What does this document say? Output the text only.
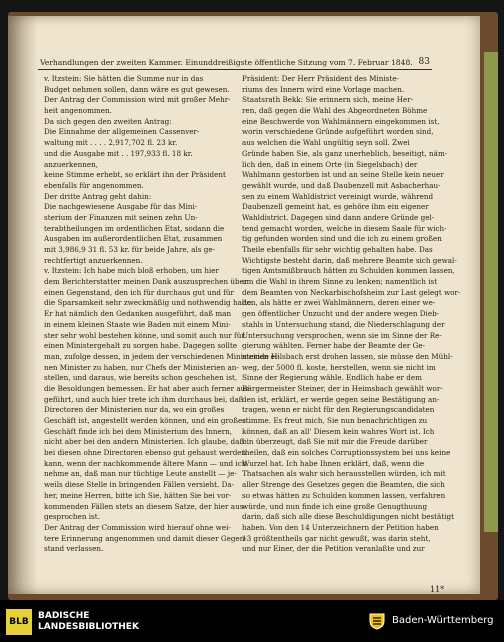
Verhandlungen der zweiten Kammer. Einunddreißigste öffentliche Sitzung vom 7. Februar 1848. 83
v. Itzstein: Sie hätten die Summe nur in das
Budget nehmen sollen, dann wäre es gut gewesen.
Der Antrag der Commission wird mit großer Mehr-
heit angenommen.
Da sich gegen den zweiten Antrag:
Die Einnahme der allgemeinen Cassenver-
waltung mit . . . . 2,917,702 fl. 23 kr.
und die Ausgabe mit . . 197,933 fl. 18 kr.
anzuerkennen,
keine Stimme erhebt, so erklärt ihn der Präsident
ebenfalls für angenommen.
Der dritte Antrag geht dahin:
Die nachgewiesene Ausgabe für das Mini-
sterium der Finanzen mit seinen zehn Un-
terabtheilungen im ordentlichen Etat, sodann die
Ausgaben im außerordentlichen Etat, zusammen
mit 3,986,9 31 fl. 53 kr. für beide Jahre, als ge-
rechtfertigt anzuerkennen.
v. Itzstein: Ich habe mich bloß erhoben, um hier
dem Berichterstatter meinen Dank auszusprechen über
einen Gegenstand, den ich für durchaus gut und für
die Sparsamkeit sehr zweckmäßig und nothwendig halte.
Er hat nämlich den Gedanken ausgeführt, daß man
in einem kleinen Staate wie Baden mit einem Mini-
ster sehr wohl bestehen könne, und somit auch nur für
einen Ministergehalt zu sorgen habe. Dagegen sollte
man, zufolge dessen, in jedem der verschiedenen Ministerien ei-
nen Minister zu haben, nur Chefs der Ministerien an-
stellen, und daraus, wie bereits schon geschehen ist,
die Besoldungen bemessen. Er hat aber auch ferner aus-
geführt, und auch hier trete ich ihm durchaus bei, daß
Directoren der Ministerien nur da, wo ein großes
Geschäft ist, angestellt werden können, und ein großes
Geschäft finde ich bei dem Ministerium des Innern,
nicht aber bei den andern Ministerien. Ich glaube, daß
bei diesen ohne Directoren ebenso gut gehaust werden
kann, wenn der nachkommende ältere Mann — und ich
nehme an, daß man nur tüchtige Leute anstellt — je-
weils diese Stelle in bringenden Fällen versieht. Da-
her, meine Herren, bitte ich Sie, hätten Sie bei vor-
kommenden Fällen stets an diesem Satze, der hier aus-
gesprochen ist.
Der Antrag der Commission wird hierauf ohne wei-
tere Erinnerung angenommen und damit dieser Gegen-
stand verlassen.
Präsident: Der Herr Präsident des Ministe-
riums des Innern wird eine Vorlage machen.
Staatsrath Bekk: Sie erinnern sich, meine Her-
ren, daß gegen die Wahl des Abgeordneten Böhme
eine Beschwerde von Wahlmännern eingekommen ist,
worin verschiedene Gründe aufgeführt worden sind,
aus welchen die Wahl ungültig seyn soll. Zwei
Gründe haben Sie, als ganz unerheblich, beseitigt, näm-
lich den, daß in einem Orte (in Siegelsbach) der
Wahlmann gestorben ist und an seine Stelle kein neuer
gewählt wurde, und daß Daubenzell mit Asbacherhau-
sen zu einem Wahldistrict vereinigt wurde, während
Daubenzell gemeint hat, es gehöre ihm ein eigener
Wahldistrict. Dagegen sind dann andere Gründe gel-
tend gemacht worden, welche in diesem Saale für wich-
tig gefunden worden sind und die ich zu einem großen
Theile ebenfalls für sehr wichtig gehalten habe. Das
Wichtigste besteht darin, daß mehrere Beamte sich gewal-
tigen Amtsmißbrauch hätten zu Schulden kommen lassen,
um die Wahl in ihrem Sinne zu lenken; namentlich ist
dem Beamten von Neckarbischofsheim zur Last gelegt wor-
den, als hätte er zwei Wahlmännern, deren einer we-
gen öffentlicher Unzucht und der andere wegen Dieb-
stahls in Untersuchung stand, die Niederschlagung der
Untersuchung versprochen, wenn sie im Sinne der Re-
gierung wählten. Ferner habe der Beamte der Ge-
meinde Hilsbach erst drohen lassen, sie müsse den Mühl-
weg, der 5000 fl. koste, herstellen, wenn sie nicht im
Sinne der Regierung wähle. Endlich habe er dem
Bürgermeister Steiner, der in Heimsbach gewählt wor-
den ist, erklärt, er werde gegen seine Bestätigung an-
tragen, wenn er nicht für den Regierungscandidaten
stimme. Es freut mich, Sie nun benachrichtigen zu
können, daß an all' Diesem kein wahres Wort ist. Ich
bin überzeugt, daß Sie mit mir die Freude darüber
theilen, daß ein solches Corruptionssystem bei uns keine
Wurzel hat. Ich habe Ihnen erklärt, daß, wenn die
Thatsachen als wahr sich herausstellen würden, ich mit
aller Strenge des Gesetzes gegen die Beamten, die sich
so etwas hätten zu Schulden kommen lassen, verfahren
würde, und nun finde ich eine große Genugthuung
darin, daß sich alle diese Beschuldigungen nicht bestätigt
haben. Von den 14 Unterzeichnern der Petition haben
13 größtentheils gar nicht gewußt, was darin steht,
und nur Einer, der die Petition veranlaßte und zur
11*
BLB
BADISCHE
LANDESBIBLIOTHEK
Baden-Württemberg
